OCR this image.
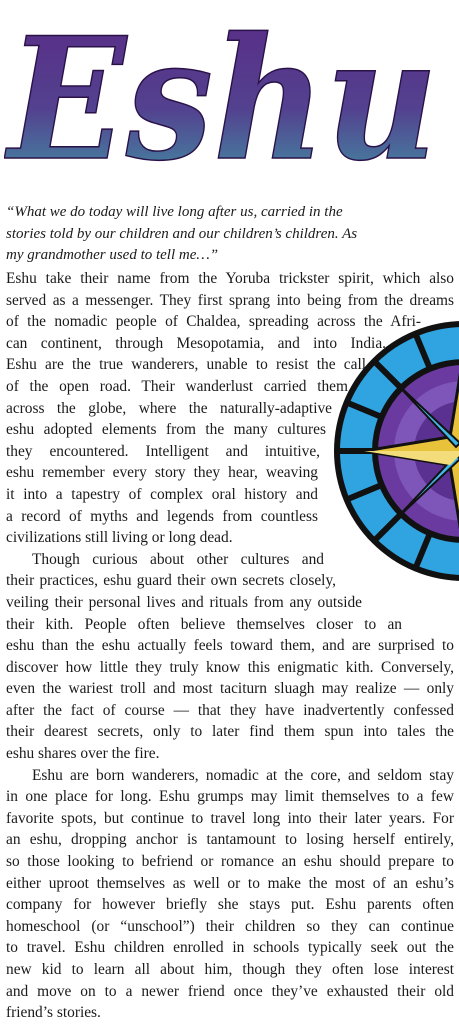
Eshu
“What we do today will live long after us, carried in the
stories told by our children and our children’s children. As
my grandmother used to tell me…”
Eshu take their name from the Yoruba trickster spirit, which also
served as a messenger. They first sprang into being from the dreams
of the nomadic people of Chaldea, spreading across the Afri-
can continent, through Mesopotamia, and into India.
Eshu are the true wanderers, unable to resist the call
of the open road. Their wanderlust carried them
across the globe, where the naturally-adaptive
eshu adopted elements from the many cultures
they encountered. Intelligent and intuitive,
eshu remember every story they hear, weaving
it into a tapestry of complex oral history and
a record of myths and legends from countless
civilizations still living or long dead.
Though curious about other cultures and
their practices, eshu guard their own secrets closely,
veiling their personal lives and rituals from any outside
their kith. People often believe themselves closer to an
eshu than the eshu actually feels toward them, and are surprised to
discover how little they truly know this enigmatic kith. Conversely,
even the wariest troll and most taciturn sluagh may realize — only
after the fact of course — that they have inadvertently confessed
their dearest secrets, only to later find them spun into tales the
eshu shares over the fire.
Eshu are born wanderers, nomadic at the core, and seldom stay
in one place for long. Eshu grumps may limit themselves to a few
favorite spots, but continue to travel long into their later years. For
an eshu, dropping anchor is tantamount to losing herself entirely,
so those looking to befriend or romance an eshu should prepare to
either uproot themselves as well or to make the most of an eshu’s
company for however briefly she stays put. Eshu parents often
homeschool (or “unschool”) their children so they can continue
to travel. Eshu children enrolled in schools typically seek out the
new kid to learn all about him, though they often lose interest
and move on to a newer friend once they’ve exhausted their old
friend’s stories.
